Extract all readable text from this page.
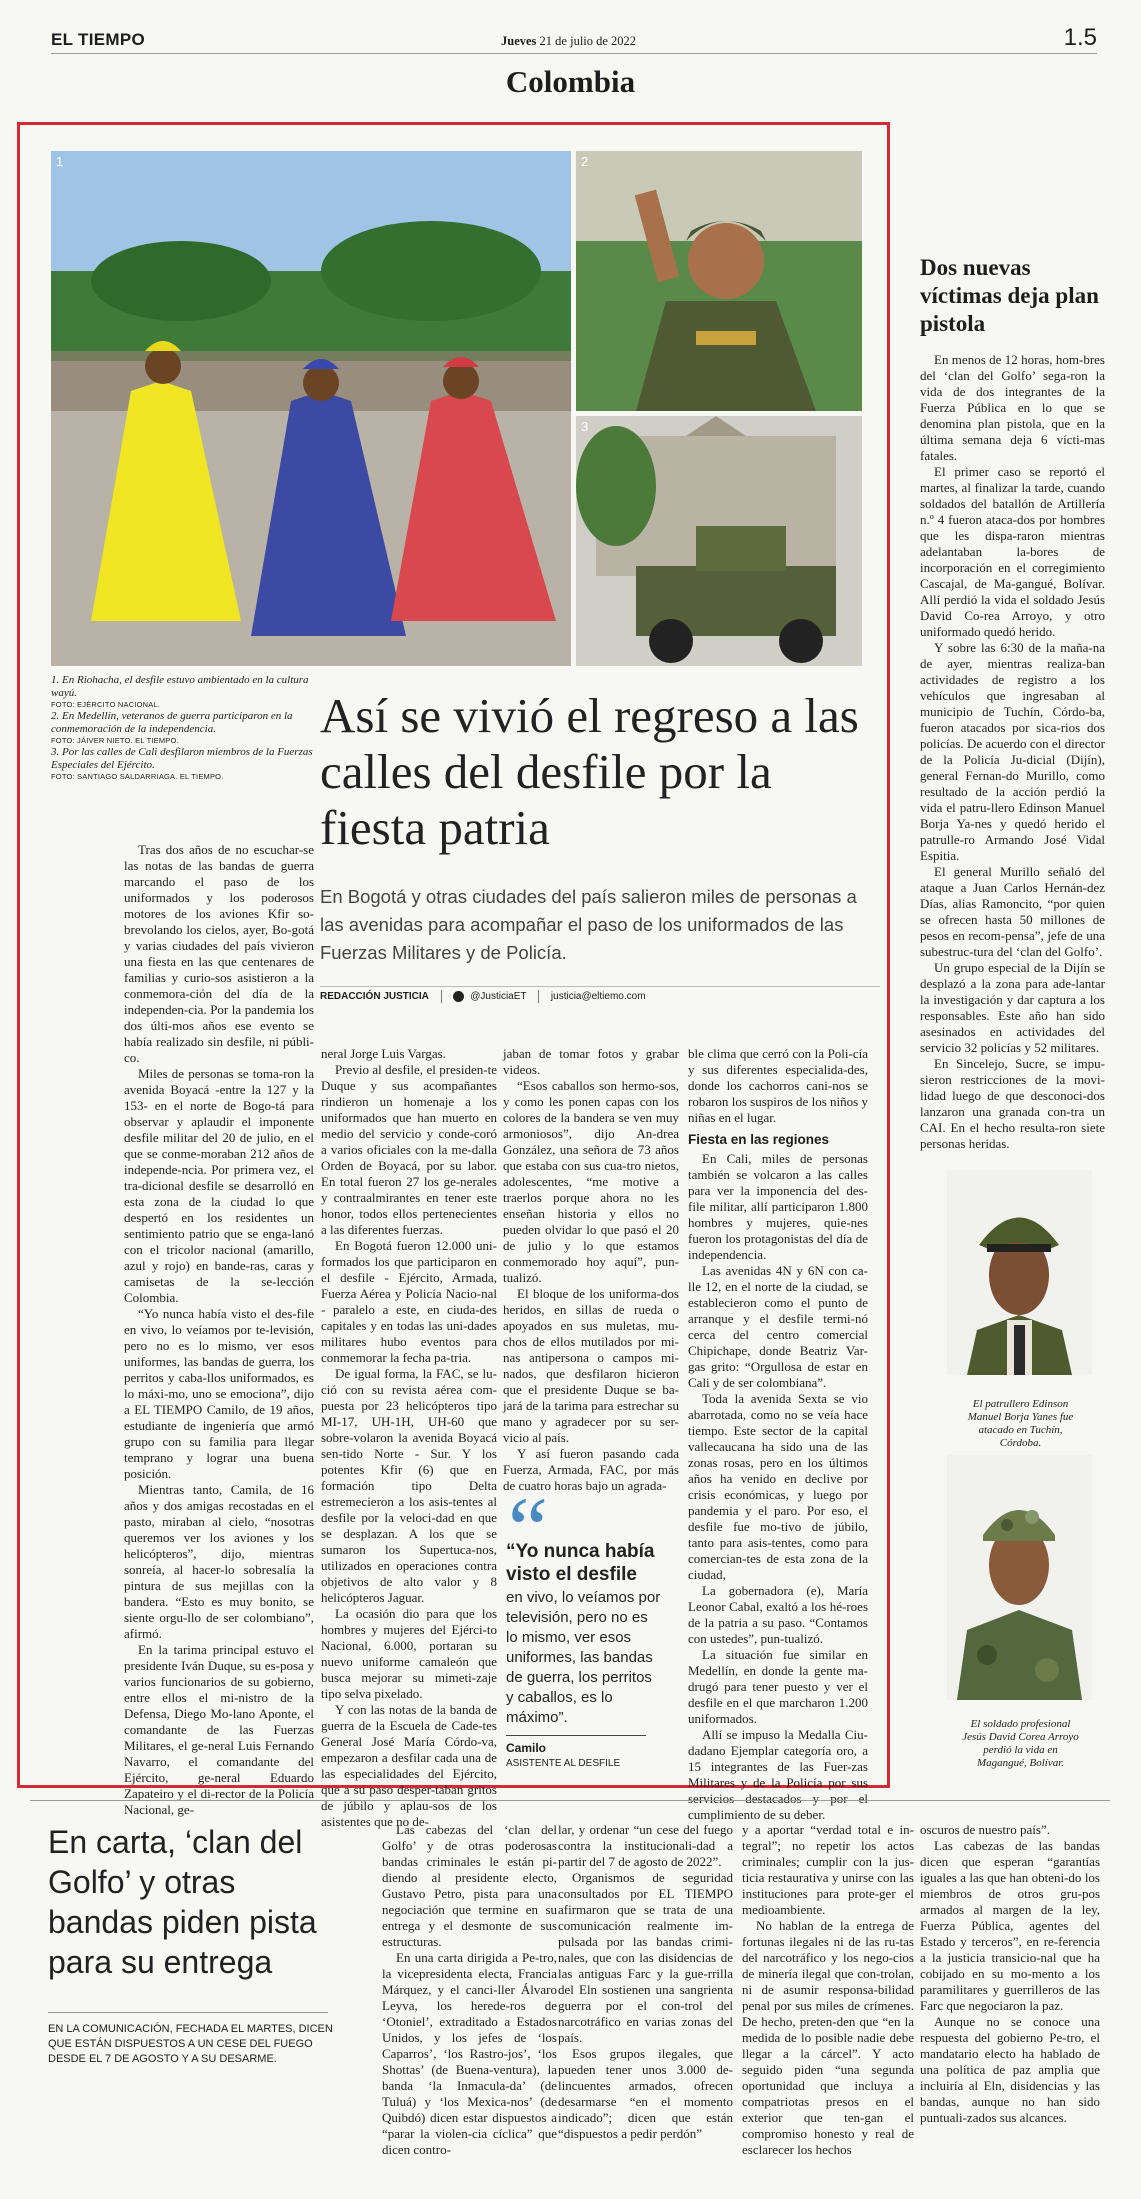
EL TIEMPO	Jueves 21 de julio de 2022	1.5
Colombia
1	2
3
1. En Riohacha, el desfile estuvo ambientado en la cultura wayú.
FOTO: EJÉRCITO NACIONAL.
2. En Medellín, veteranos de guerra participaron en la conmemoración de la independencia.
FOTO: JÁIVER NIETO. EL TIEMPO.
3. Por las calles de Cali desfilaron miembros de la Fuerzas Especiales del Ejército.
FOTO: SANTIAGO SALDARRIAGA. EL TIEMPO.
Así se vivió el regreso a las calles del desfile por la fiesta patria
En Bogotá y otras ciudades del país salieron miles de personas a las avenidas para acompañar el paso de los uniformados de las Fuerzas Militares y de Policía.
REDACCIÓN JUSTICIA	@JusticiaET justicia@eltiemo.com

Tras dos años de no escuchar-se las notas de las bandas de guerra marcando el paso de los uniformados y los poderosos motores de los aviones Kfir so-brevolando los cielos, ayer, Bo-gotá y varias ciudades del país vivieron una fiesta en las que centenares de familias y curio-sos asistieron a la conmemora-ción del día de la independen-cia. Por la pandemia los dos últi-mos años ese evento se había realizado sin desfile, ni públi-co.

Miles de personas se toma-ron la avenida Boyacá -entre la 127 y la 153- en el norte de Bogo-tá para observar y aplaudir el imponente desfile militar del 20 de julio, en el que se conme-moraban 212 años de independe-ncia. Por primera vez, el tra-dicional desfile se desarrolló en esta zona de la ciudad lo que despertó en los residentes un sentimiento patrio que se enga-lanó con el tricolor nacional (amarillo, azul y rojo) en bande-ras, caras y camisetas de la se-lección Colombia.

“Yo nunca había visto el des-file en vivo, lo veíamos por te-levisión, pero no es lo mismo, ver esos uniformes, las bandas de guerra, los perritos y caba-llos uniformados, es lo máxi-mo, uno se emociona”, dijo a EL TIEMPO Camilo, de 19 años, estudiante de ingeniería que armó grupo con su familia para llegar temprano y lograr una buena posición.

Mientras tanto, Camila, de 16 años y dos amigas recostadas en el pasto, miraban al cielo, “nosotras queremos ver los aviones y los helicópteros”, dijo, mientras sonreía, al hacer-lo sobresalía la pintura de sus mejillas con la bandera. “Esto es muy bonito, se siente orgu-llo de ser colombiano”, afirmó.

En la tarima principal estuvo el presidente Iván Duque, su es-posa y varios funcionarios de su gobierno, entre ellos el mi-nistro de la Defensa, Diego Mo-lano Aponte, el comandante de las Fuerzas Militares, el ge-neral Luis Fernando Navarro, el comandante del Ejército, ge-neral Eduardo Zapateiro y el di-rector de la Policía Nacional, ge-

neral Jorge Luis Vargas.

Previo al desfile, el presiden-te Duque y sus acompañantes rindieron un homenaje a los uniformados que han muerto en medio del servicio y conde-coró a varios oficiales con la me-dalla Orden de Boyacá, por su labor. En total fueron 27 los ge-nerales y contraalmirantes en tener este honor, todos ellos pertenecientes a las diferentes fuerzas.

En Bogotá fueron 12.000 uni-formados los que participaron en el desfile - Ejército, Armada, Fuerza Aérea y Policía Nacio-nal - paralelo a este, en ciuda-des capitales y en todas las uni-dades militares hubo eventos para conmemorar la fecha pa-tria.

De igual forma, la FAC, se lu-ció con su revista aérea com-puesta por 23 helicópteros tipo MI-17, UH-1H, UH-60 que sobre-volaron la avenida Boyacá sen-tido Norte - Sur. Y los potentes Kfir (6) que en formación tipo Delta estremecieron a los asis-tentes al desfile por la veloci-dad en que se desplazan. A los que se sumaron los Supertuca-nos, utilizados en operaciones contra objetivos de alto valor y 8 helicópteros Jaguar.

La ocasión dio para que los hombres y mujeres del Ejérci-to Nacional, 6.000, portaran su nuevo uniforme camaleón que busca mejorar su mimeti-zaje tipo selva pixelado.

Y con las notas de la banda de guerra de la Escuela de Cade-tes General José María Córdo-va, empezaron a desfilar cada una de las especialidades del Ejército, que a su paso desper-taban gritos de júbilo y aplau-sos de los asistentes que no de-

jaban de tomar fotos y grabar videos.

“Esos caballos son hermo-sos, y como les ponen capas con los colores de la bandera se ven muy armoniosos”, dijo An-drea González, una señora de 73 años que estaba con sus cua-tro nietos, adolescentes, “me motive a traerlos porque ahora no les enseñan historia y ellos no pueden olvidar lo que pasó el 20 de julio y lo que estamos conmemorado hoy aquí”, pun-tualizó.

El bloque de los uniforma-dos heridos, en sillas de rueda o apoyados en sus muletas, mu-chos de ellos mutilados por mi-nas antipersona o campos mi-nados, que desfilaron hicieron que el presidente Duque se ba-jará de la tarima para estrechar su mano y agradecer por su ser-vicio al país.

Y así fueron pasando cada Fuerza, Armada, FAC, por más de cuatro horas bajo un agrada-

ble clima que cerró con la Poli-cía y sus diferentes especialida-des, donde los cachorros cani-nos se robaron los suspiros de los niños y niñas en el lugar.

Fiesta en las regiones

En Cali, miles de personas también se volcaron a las calles para ver la imponencia del des-file militar, allí participaron 1.800 hombres y mujeres, quie-nes fueron los protagonistas del día de independencia.

Las avenidas 4N y 6N con ca-lle 12, en el norte de la ciudad, se establecieron como el punto de arranque y el desfile termi-nó cerca del centro comercial Chipichape, donde Beatriz Var-gas grito: “Orgullosa de estar en Cali y de ser colombiana”.

Toda la avenida Sexta se vio abarrotada, como no se veía hace tiempo. Este sector de la capital vallecaucana ha sido una de las zonas rosas, pero en los últimos años ha venido en declive por crisis económicas, y luego por pandemia y el paro. Por eso, el desfile fue mo-tivo de júbilo, tanto para asis-tentes, como para comercian-tes de esta zona de la ciudad,

La gobernadora (e), María Leonor Cabal, exaltó a los hé-roes de la patria a su paso. “Contamos con ustedes”, pun-tualizó.

La situación fue similar en Medellín, en donde la gente ma-drugó para tener puesto y ver el desfile en el que marcharon 1.200 uniformados.

Allí se impuso la Medalla Ciu-dadano Ejemplar categoría oro, a 15 integrantes de las Fuer-zas Militares y de la Policía por sus servicios destacados y por el cumplimiento de su deber.

“
“Yo nunca había visto el desfile
en vivo, lo veíamos por televisión, pero no es lo mismo, ver esos uniformes, las bandas de guerra, los perritos y caballos, es lo máximo”.
Camilo
ASISTENTE AL DESFILE
Dos nuevas víctimas deja plan pistola

En menos de 12 horas, hom-bres del ‘clan del Golfo’ sega-ron la vida de dos integrantes de la Fuerza Pública en lo que se denomina plan pistola, que en la última semana deja 6 vícti-mas fatales.

El primer caso se reportó el martes, al finalizar la tarde, cuando soldados del batallón de Artillería n.º 4 fueron ataca-dos por hombres que les dispa-raron mientras adelantaban la-bores de incorporación en el corregimiento Cascajal, de Ma-gangué, Bolívar. Allí perdió la vida el soldado Jesús David Co-rea Arroyo, y otro uniformado quedó herido.

Y sobre las 6:30 de la maña-na de ayer, mientras realiza-ban actividades de registro a los vehículos que ingresaban al municipio de Tuchín, Córdo-ba, fueron atacados por sica-rios dos policías. De acuerdo con el director de la Policía Ju-dicial (Dijín), general Fernan-do Murillo, como resultado de la acción perdió la vida el patru-llero Edinson Manuel Borja Ya-nes y quedó herido el patrulle-ro Armando José Vidal Espitia.

El general Murillo señaló del ataque a Juan Carlos Hernán-dez Días, alias Ramoncito, “por quien se ofrecen hasta 50 millones de pesos en recom-pensa”, jefe de una subestruc-tura del ‘clan del Golfo’.

Un grupo especial de la Dijín se desplazó a la zona para ade-lantar la investigación y dar captura a los responsables. Este año han sido asesinados en actividades del servicio 32 policías y 52 militares.

En Sincelejo, Sucre, se impu-sieron restricciones de la movi-lidad luego de que desconoci-dos lanzaron una granada con-tra un CAI. En el hecho resulta-ron siete personas heridas.

El patrullero Edinson Manuel Borja Yanes fue atacado en Tuchín, Córdoba.
El soldado profesional Jesús David Corea Arroyo perdió la vida en Magangué, Bolívar.
En carta, ‘clan del Golfo’ y otras bandas piden pista para su entrega
EN LA COMUNICACIÓN, FECHADA EL MARTES, DICEN QUE ESTÁN DISPUESTOS A UN CESE DEL FUEGO DESDE EL 7 DE AGOSTO Y A SU DESARME.

Las cabezas del ‘clan del Golfo’ y de otras poderosas bandas criminales le están pi-diendo al presidente electo, Gustavo Petro, pista para una negociación que termine en su entrega y el desmonte de sus estructuras.

En una carta dirigida a Pe-tro, la vicepresidenta electa, Francia Márquez, y el canci-ller Álvaro Leyva, los herede-ros de ‘Otoniel’, extraditado a Estados Unidos, y los jefes de ‘los Caparros’, ‘los Rastro-jos’, ‘los Shottas’ (de Buena-ventura), la banda ‘la Inmacula-da’ (de Tuluá) y ‘los Mexica-nos’ (de Quibdó) dicen estar dispuestos a “parar la violen-cia cíclica” que dicen contro-

lar, y ordenar “un cese del fuego contra la institucionali-dad a partir del 7 de agosto de 2022”.

Organismos de seguridad consultados por EL TIEMPO afirmaron que se trata de una comunicación realmente im-pulsada por las bandas crimi-nales, que con las disidencias de las antiguas Farc y la gue-rrilla del Eln sostienen una sangrienta guerra por el con-trol del narcotráfico en varias zonas del país.

Esos grupos ilegales, que pueden tener unos 3.000 de-lincuentes armados, ofrecen desarmarse “en el momento indicado”; dicen que están “dispuestos a pedir perdón”

y a aportar “verdad total e in-tegral”; no repetir los actos criminales; cumplir con la jus-ticia restaurativa y unirse con las instituciones para prote-ger el medioambiente.

No hablan de la entrega de fortunas ilegales ni de las ru-tas del narcotráfico y los nego-cios de minería ilegal que con-trolan, ni de asumir responsa-bilidad penal por sus miles de crímenes. De hecho, preten-den que “en la medida de lo posible nadie debe llegar a la cárcel”. Y acto seguido piden “una segunda oportunidad que incluya a compatriotas presos en el exterior que ten-gan el compromiso honesto y real de esclarecer los hechos

oscuros de nuestro país”.

Las cabezas de las bandas dicen que esperan “garantías iguales a las que han obteni-do los miembros de otros gru-pos armados al margen de la ley, Fuerza Pública, agentes del Estado y terceros”, en re-ferencia a la justicia transicio-nal que ha cobijado en su mo-mento a los paramilitares y guerrilleros de las Farc que negociaron la paz.

Aunque no se conoce una respuesta del gobierno Pe-tro, el mandatario electo ha hablado de una política de paz amplia que incluiría al Eln, disidencias y las bandas, aunque no han sido puntuali-zados sus alcances.
